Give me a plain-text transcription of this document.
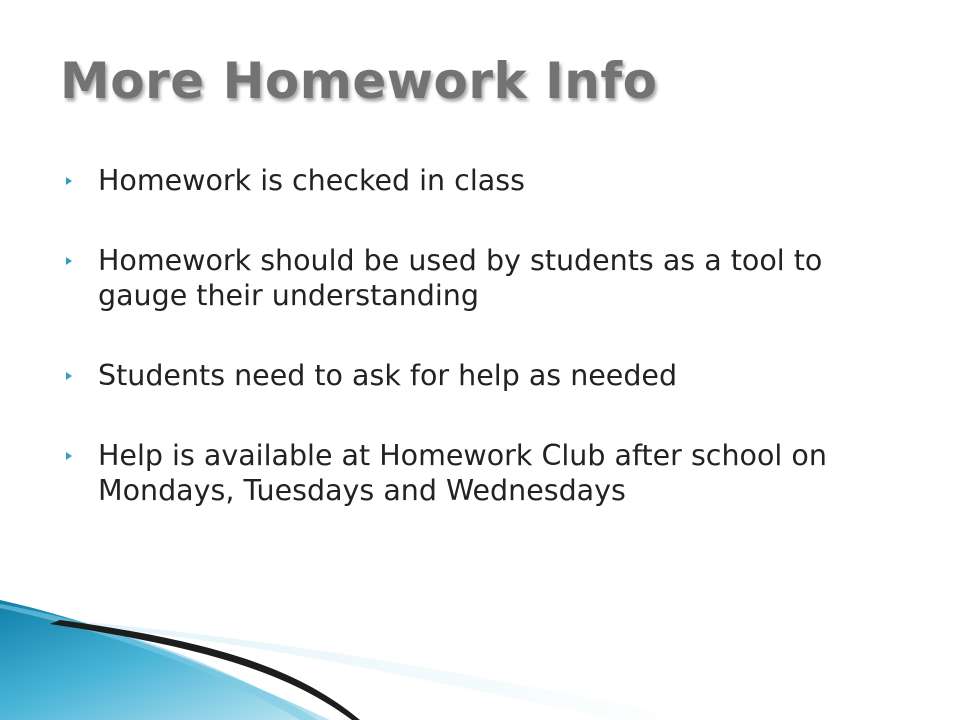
More Homework Info
Homework is checked in class
Homework should be used by students as a tool to gauge their understanding
Students need to ask for help as needed
Help is available at Homework Club after school on Mondays, Tuesdays and Wednesdays
